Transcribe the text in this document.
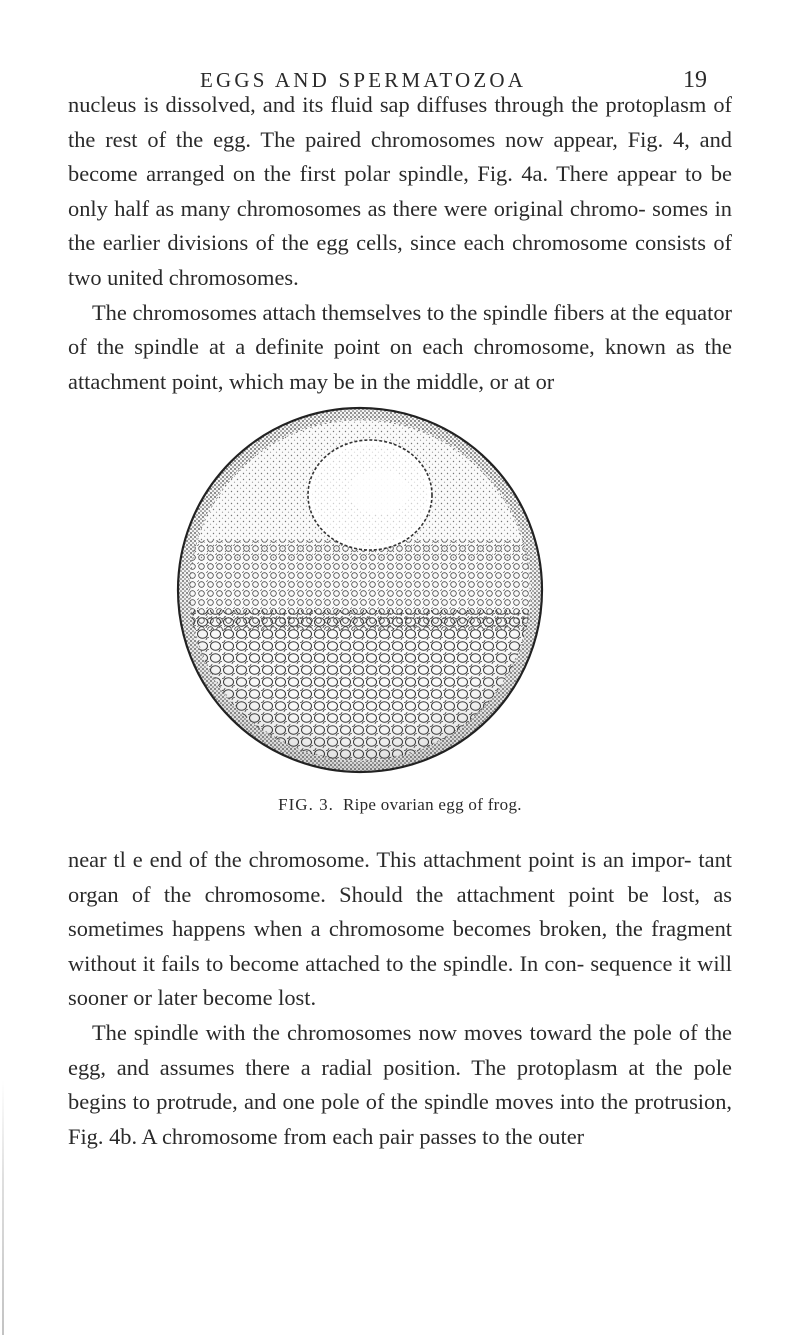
EGGS AND SPERMATOZOA	19

nucleus is dissolved, and its fluid sap diffuses through the protoplasm of the rest of the egg. The paired chromosomes now appear, Fig. 4, and become arranged on the first polar spindle, Fig. 4a. There appear to be only half as many chromosomes as there were original chromo- somes in the earlier divisions of the egg cells, since each chromosome consists of two united chromosomes.

The chromosomes attach themselves to the spindle fibers at the equator of the spindle at a definite point on each chromosome, known as the attachment point, which may be in the middle, or at or

FIG. 3. Ripe ovarian egg of frog.

near tl e end of the chromosome. This attachment point is an impor- tant organ of the chromosome. Should the attachment point be lost, as sometimes happens when a chromosome becomes broken, the fragment without it fails to become attached to the spindle. In con- sequence it will sooner or later become lost.

The spindle with the chromosomes now moves toward the pole of the egg, and assumes there a radial position. The protoplasm at the pole begins to protrude, and one pole of the spindle moves into the protrusion, Fig. 4b. A chromosome from each pair passes to the outer
